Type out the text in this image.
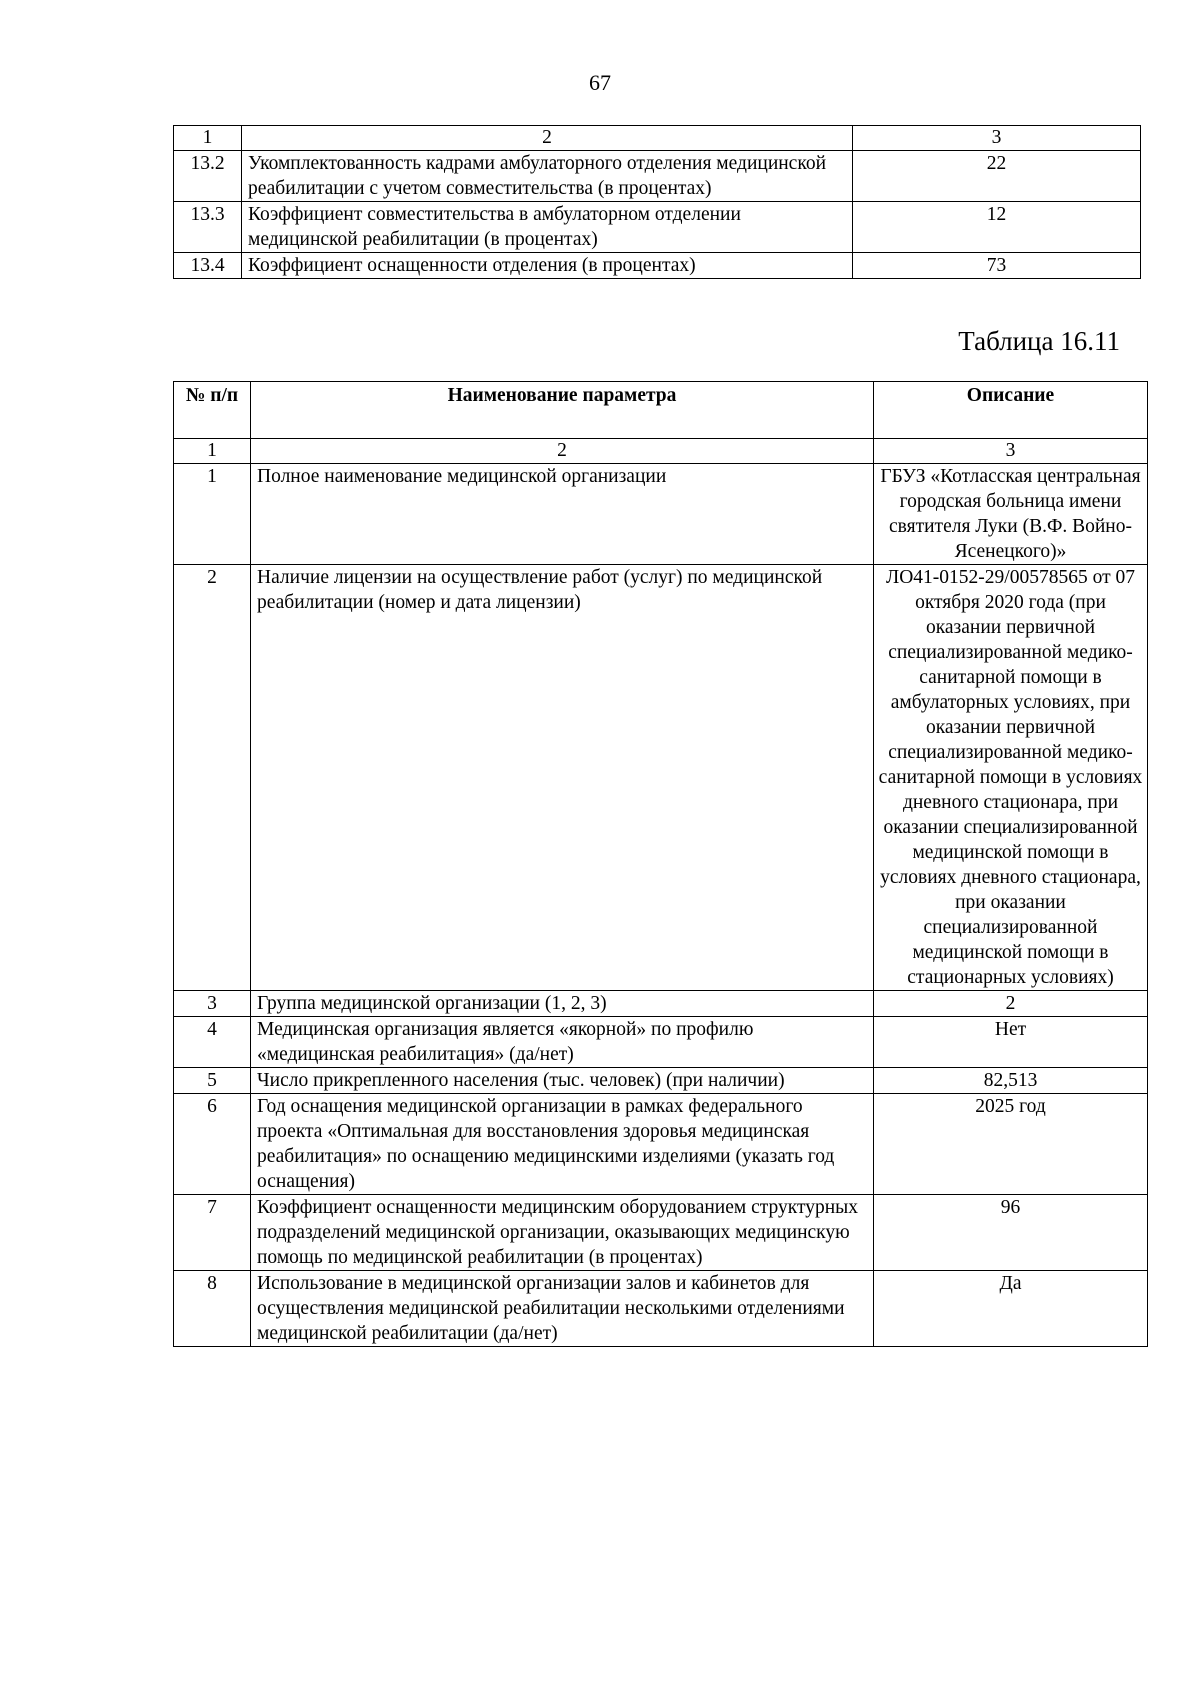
67
1	2	3
13.2	Укомплектованность кадрами амбулаторного отделения медицинской реабилитации с учетом совместительства (в процентах)	22
13.3	Коэффициент совместительства в амбулаторном отделении медицинской реабилитации (в процентах)	12
13.4	Коэффициент оснащенности отделения (в процентах)	73
Таблица 16.11
№ п/п	Наименование параметра	Описание
1	2	3
1	Полное наименование медицинской организации	ГБУЗ «Котласская центральная городская больница имени святителя Луки (В.Ф. Войно-Ясенецкого)»
2	Наличие лицензии на осуществление работ (услуг) по медицинской реабилитации (номер и дата лицензии)	ЛО41-0152-29/00578565 от 07 октября 2020 года (при оказании первичной специализированной медико-санитарной помощи в амбулаторных условиях, при оказании первичной специализированной медико-санитарной помощи в условиях дневного стационара, при оказании специализированной медицинской помощи в условиях дневного стационара, при оказании специализированной медицинской помощи в стационарных условиях)
3	Группа медицинской организации (1, 2, 3)	2
4	Медицинская организация является «якорной» по профилю «медицинская реабилитация» (да/нет)	Нет
5	Число прикрепленного населения (тыс. человек) (при наличии)	82,513
6	Год оснащения медицинской организации в рамках федерального проекта «Оптимальная для восстановления здоровья медицинская реабилитация» по оснащению медицинскими изделиями (указать год оснащения)	2025 год
7	Коэффициент оснащенности медицинским оборудованием структурных подразделений медицинской организации, оказывающих медицинскую помощь по медицинской реабилитации (в процентах)	96
8	Использование в медицинской организации залов и кабинетов для осуществления медицинской реабилитации несколькими отделениями медицинской реабилитации (да/нет)	Да
